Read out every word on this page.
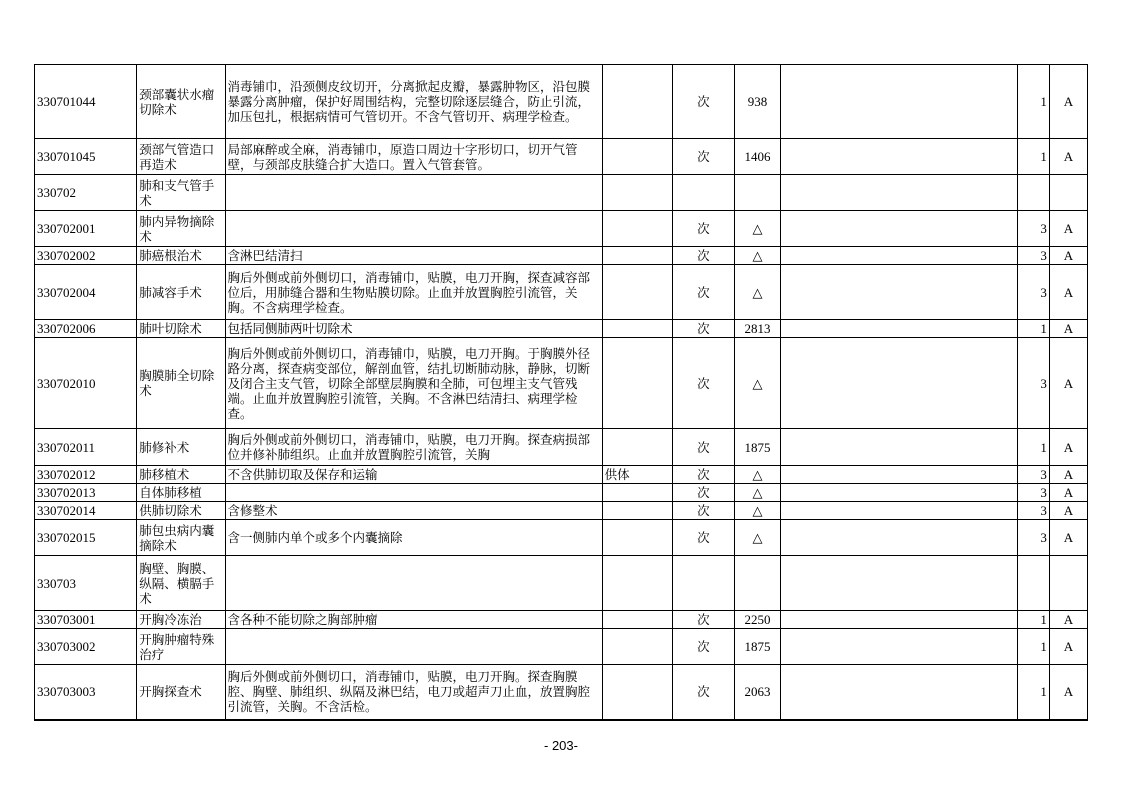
330701044	颈部囊状水瘤切除术	消毒铺巾，沿颈侧皮纹切开，分离掀起皮瓣，暴露肿物区，沿包膜暴露分离肿瘤，保护好周围结构，完整切除逐层缝合，防止引流，加压包扎，根据病情可气管切开。不含气管切开、病理学检查。		次	938		1	A
330701045	颈部气管造口再造术	局部麻醉或全麻，消毒铺巾，原造口周边十字形切口，切开气管壁，与颈部皮肤缝合扩大造口。置入气管套管。		次	1406		1	A
330702	肺和支气管手术							
330702001	肺内异物摘除术			次	△		3	A
330702002	肺癌根治术	含淋巴结清扫		次	△		3	A
330702004	肺减容手术	胸后外侧或前外侧切口，消毒铺巾，贴膜，电刀开胸，探查减容部位后，用肺缝合器和生物贴膜切除。止血并放置胸腔引流管，关胸。不含病理学检查。		次	△		3	A
330702006	肺叶切除术	包括同侧肺两叶切除术		次	2813		1	A
330702010	胸膜肺全切除术	胸后外侧或前外侧切口，消毒铺巾，贴膜，电刀开胸。于胸膜外径路分离，探查病变部位，解剖血管，结扎切断肺动脉，静脉，切断及闭合主支气管，切除全部壁层胸膜和全肺，可包埋主支气管残端。止血并放置胸腔引流管，关胸。不含淋巴结清扫、病理学检查。		次	△		3	A
330702011	肺修补术	胸后外侧或前外侧切口，消毒铺巾，贴膜，电刀开胸。探查病损部位并修补肺组织。止血并放置胸腔引流管，关胸		次	1875		1	A
330702012	肺移植术	不含供肺切取及保存和运输	供体	次	△		3	A
330702013	自体肺移植			次	△		3	A
330702014	供肺切除术	含修整术		次	△		3	A
330702015	肺包虫病内囊摘除术	含一侧肺内单个或多个内囊摘除		次	△		3	A
330703	胸壁、胸膜、纵隔、横膈手术							
330703001	开胸冷冻治	含各种不能切除之胸部肿瘤		次	2250		1	A
330703002	开胸肿瘤特殊治疗			次	1875		1	A
330703003	开胸探查术	胸后外侧或前外侧切口，消毒铺巾，贴膜，电刀开胸。探查胸膜腔、胸壁、肺组织、纵隔及淋巴结，电刀或超声刀止血，放置胸腔引流管，关胸。不含活检。		次	2063		1	A
- 203-
